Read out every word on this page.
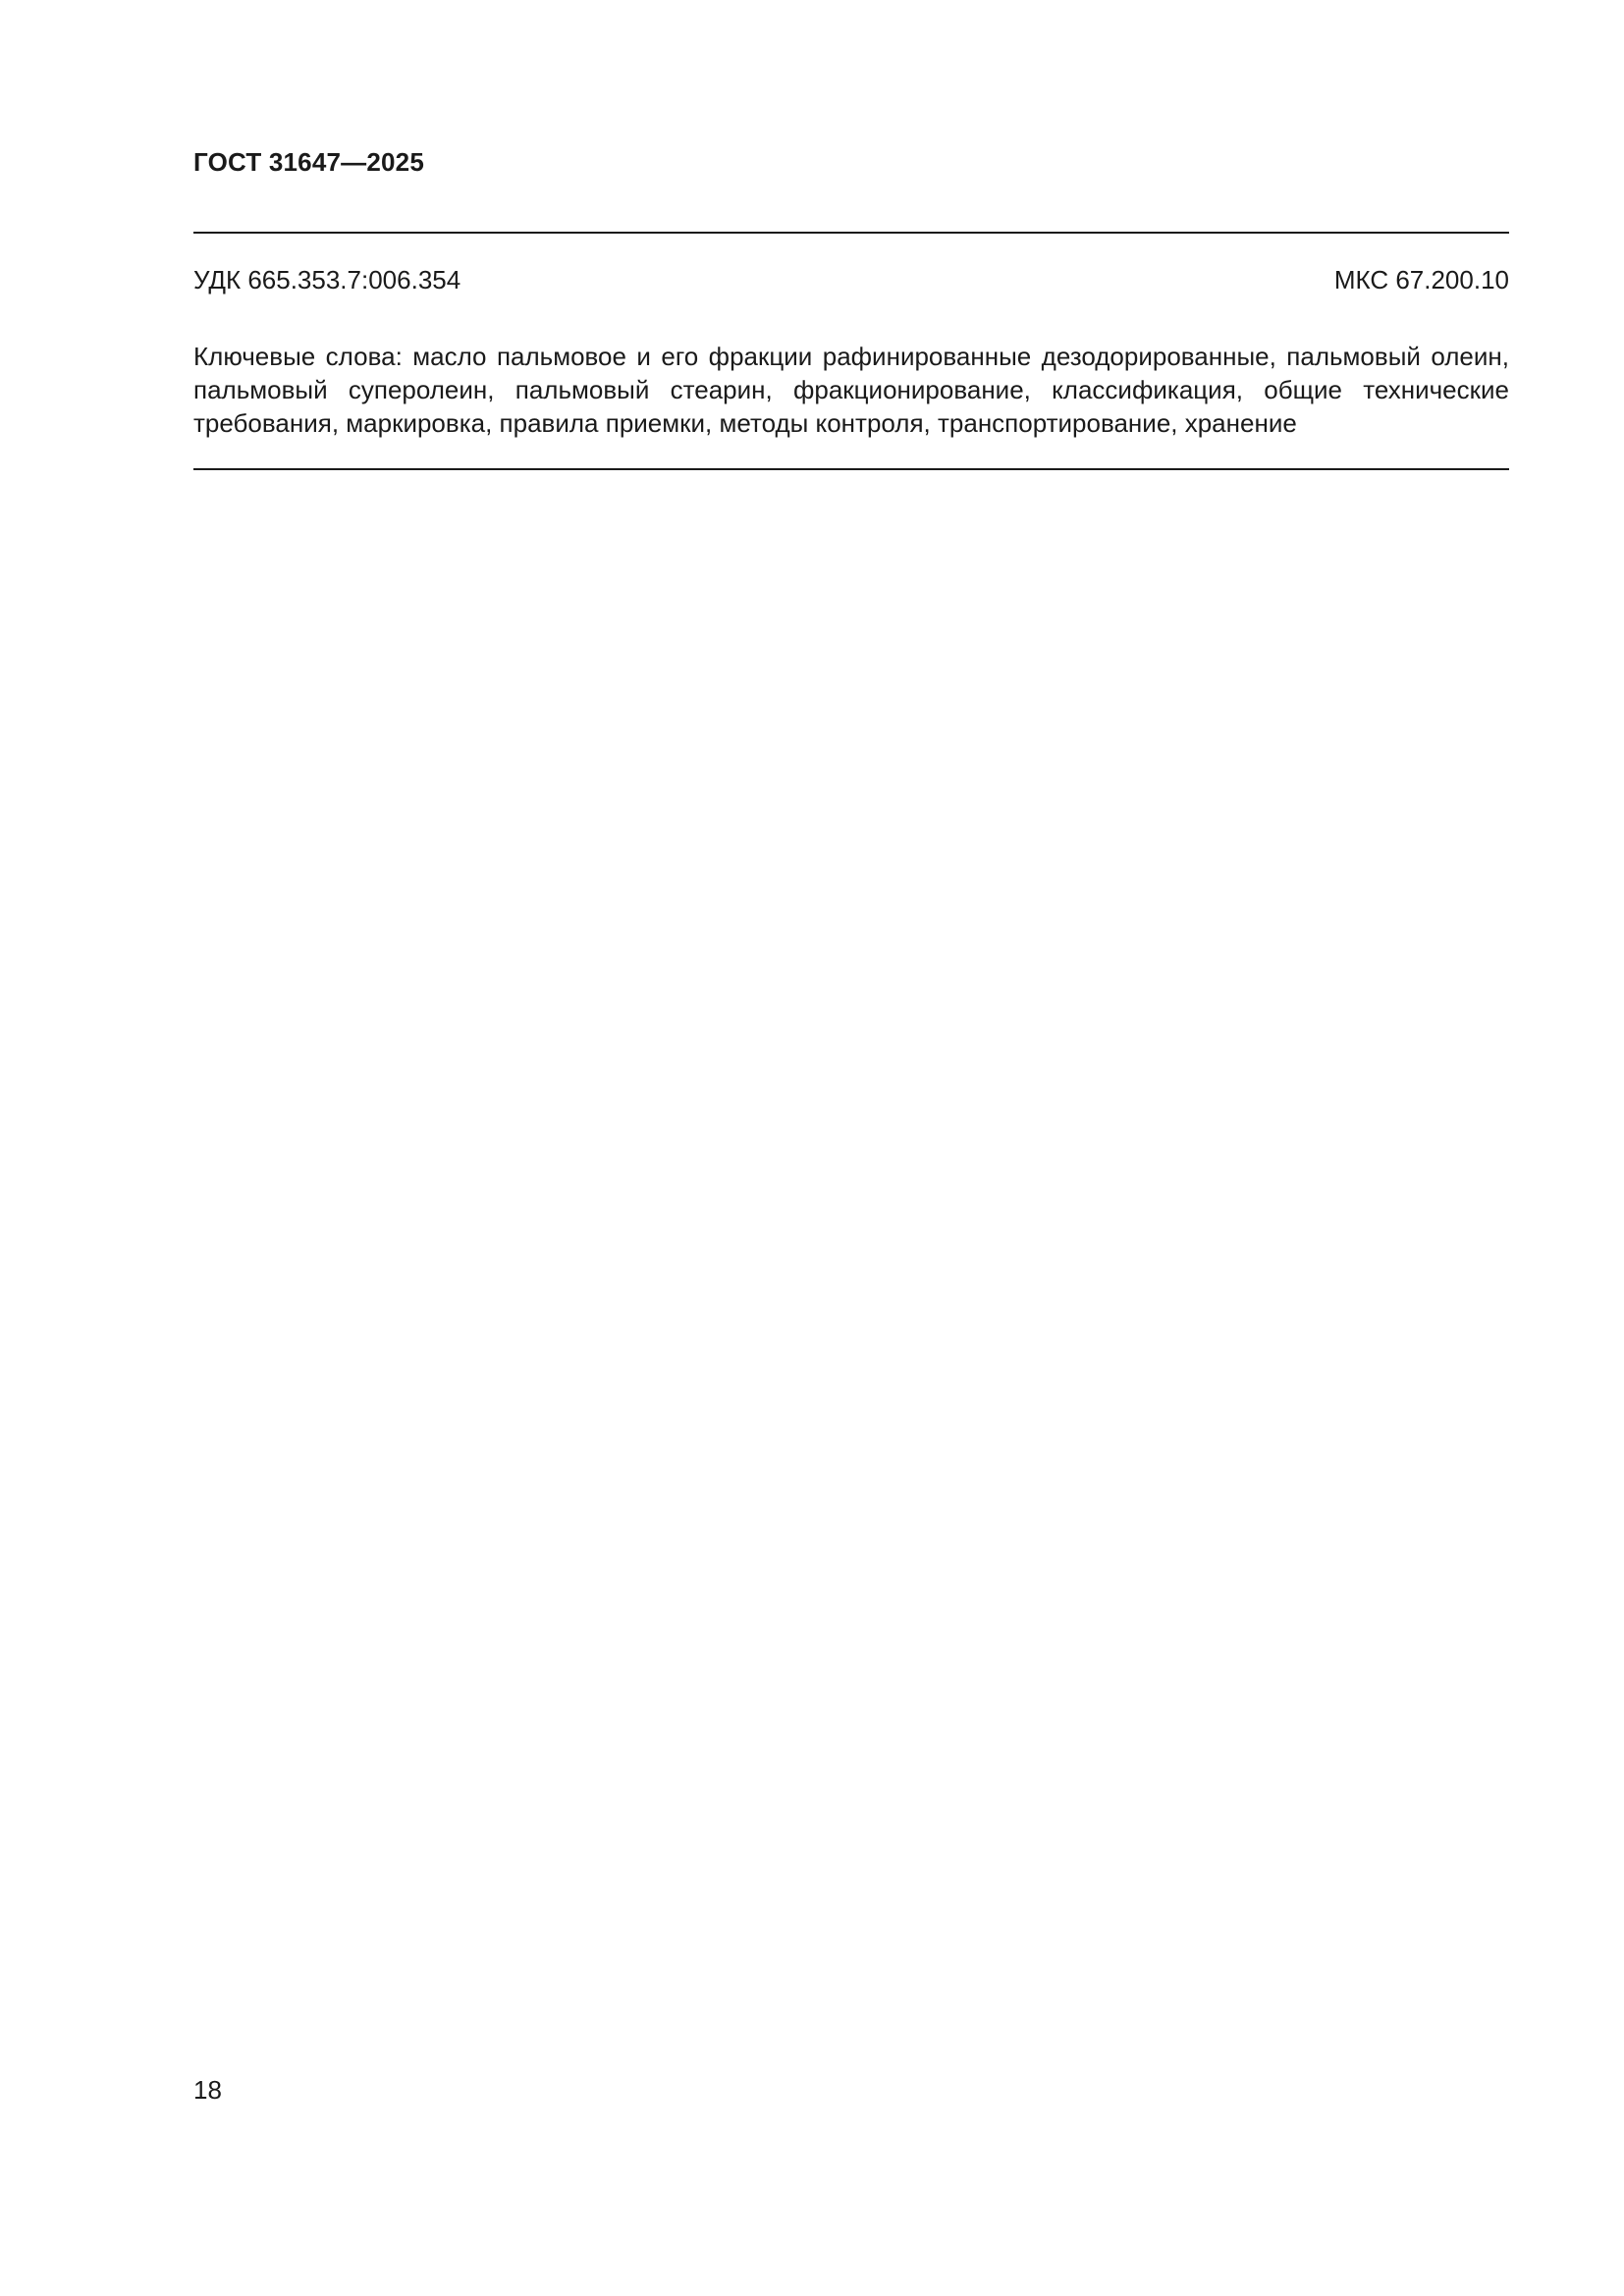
ГОСТ 31647—2025
УДК 665.353.7:006.354	МКС 67.200.10
Ключевые слова: масло пальмовое и его фракции рафинированные дезодорированные, пальмовый олеин, пальмовый суперолеин, пальмовый стеарин, фракционирование, классификация, общие технические требования, маркировка, правила приемки, методы контроля, транспортирование, хранение
18
